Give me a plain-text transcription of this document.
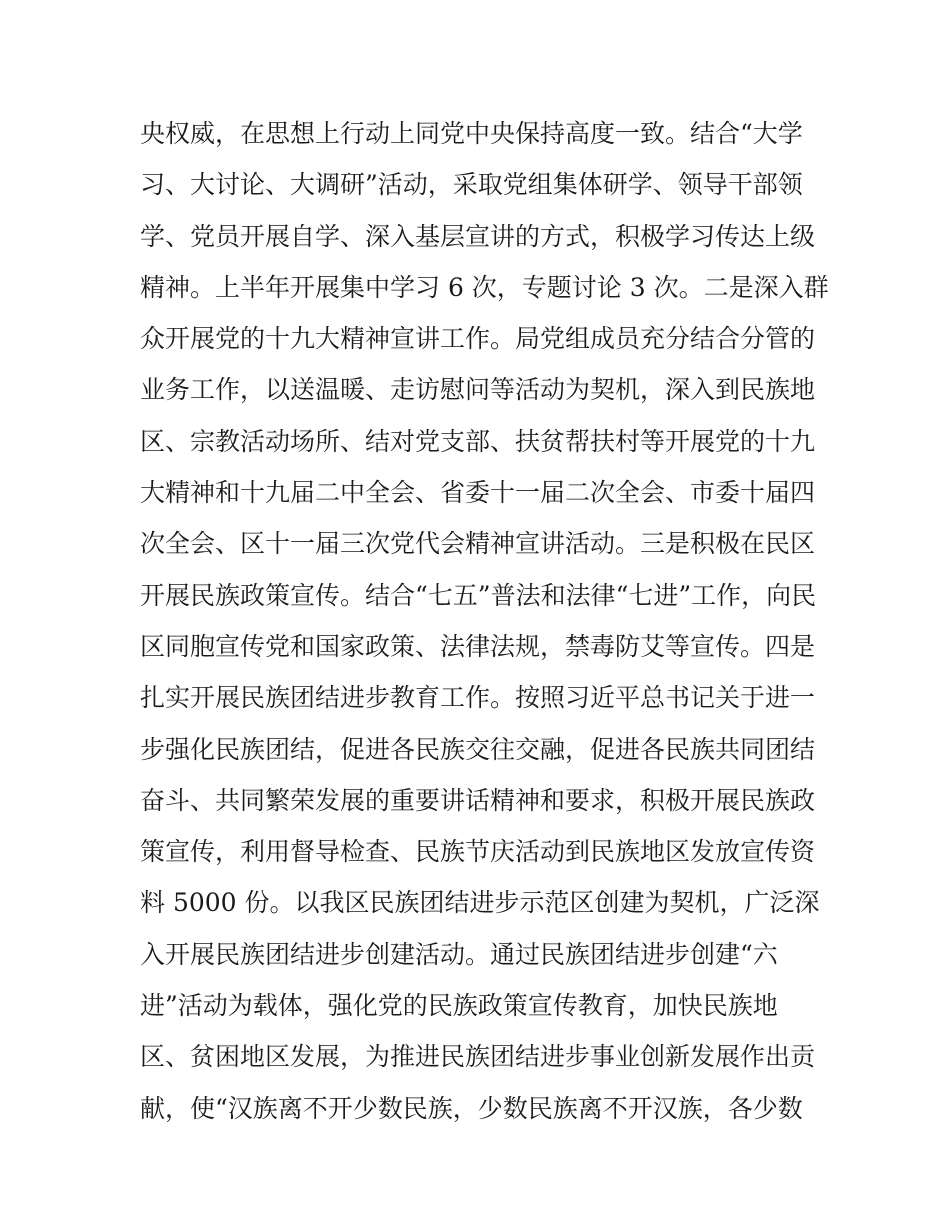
央权威，在思想上行动上同党中央保持高度一致。结合“大学
习、大讨论、大调研”活动，采取党组集体研学、领导干部领
学、党员开展自学、深入基层宣讲的方式，积极学习传达上级
精神。上半年开展集中学习 6 次，专题讨论 3 次。二是深入群
众开展党的十九大精神宣讲工作。局党组成员充分结合分管的
业务工作，以送温暖、走访慰问等活动为契机，深入到民族地
区、宗教活动场所、结对党支部、扶贫帮扶村等开展党的十九
大精神和十九届二中全会、省委十一届二次全会、市委十届四
次全会、区十一届三次党代会精神宣讲活动。三是积极在民区
开展民族政策宣传。结合“七五”普法和法律“七进”工作，向民
区同胞宣传党和国家政策、法律法规，禁毒防艾等宣传。四是
扎实开展民族团结进步教育工作。按照习近平总书记关于进一
步强化民族团结，促进各民族交往交融，促进各民族共同团结
奋斗、共同繁荣发展的重要讲话精神和要求，积极开展民族政
策宣传，利用督导检查、民族节庆活动到民族地区发放宣传资
料 5000 份。以我区民族团结进步示范区创建为契机，广泛深
入开展民族团结进步创建活动。通过民族团结进步创建“六
进”活动为载体，强化党的民族政策宣传教育，加快民族地
区、贫困地区发展，为推进民族团结进步事业创新发展作出贡
献，使“汉族离不开少数民族，少数民族离不开汉族，各少数
